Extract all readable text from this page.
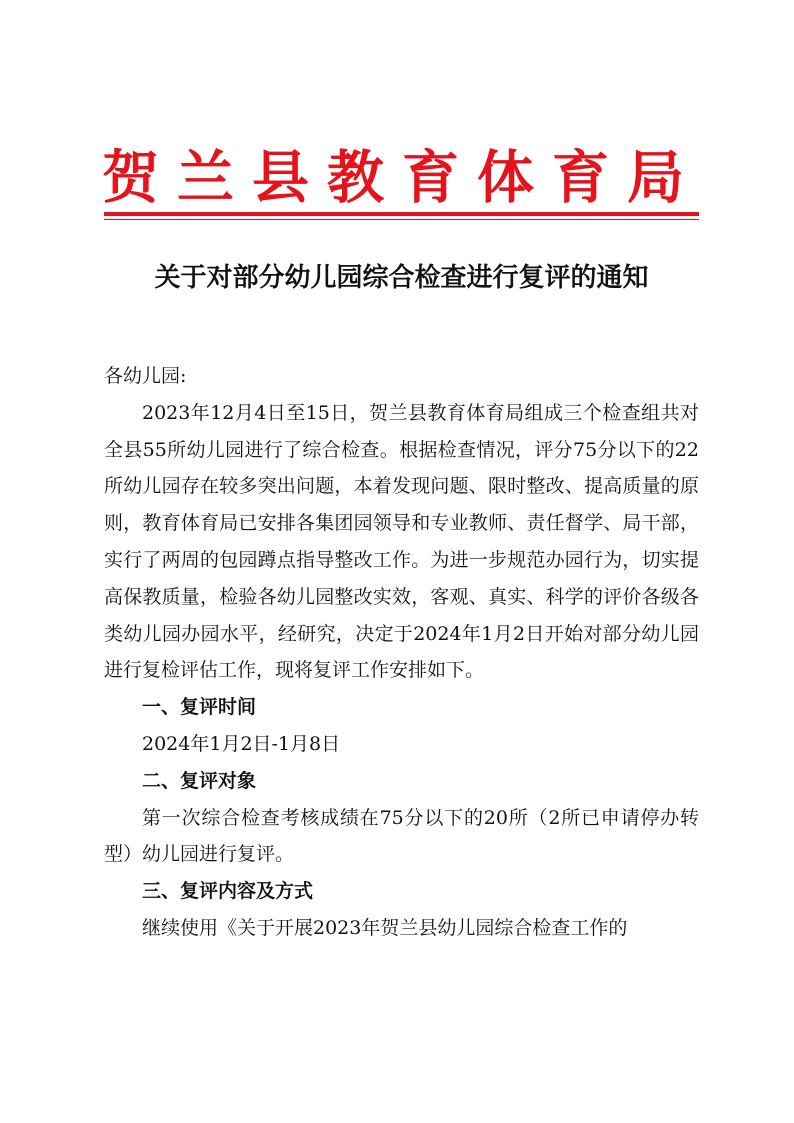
贺兰县教育体育局
关于对部分幼儿园综合检查进行复评的通知

各幼儿园:

2023年12月4日至15日，贺兰县教育体育局组成三个检查组共对全县55所幼儿园进行了综合检查。根据检查情况，评分75分以下的22所幼儿园存在较多突出问题，本着发现问题、限时整改、提高质量的原则，教育体育局已安排各集团园领导和专业教师、责任督学、局干部，实行了两周的包园蹲点指导整改工作。为进一步规范办园行为，切实提高保教质量，检验各幼儿园整改实效，客观、真实、科学的评价各级各类幼儿园办园水平，经研究，决定于2024年1月2日开始对部分幼儿园进行复检评估工作，现将复评工作安排如下。

一、复评时间

2024年1月2日-1月8日

二、复评对象

第一次综合检查考核成绩在75分以下的20所（2所已申请停办转型）幼儿园进行复评。

三、复评内容及方式

继续使用《关于开展2023年贺兰县幼儿园综合检查工作的
